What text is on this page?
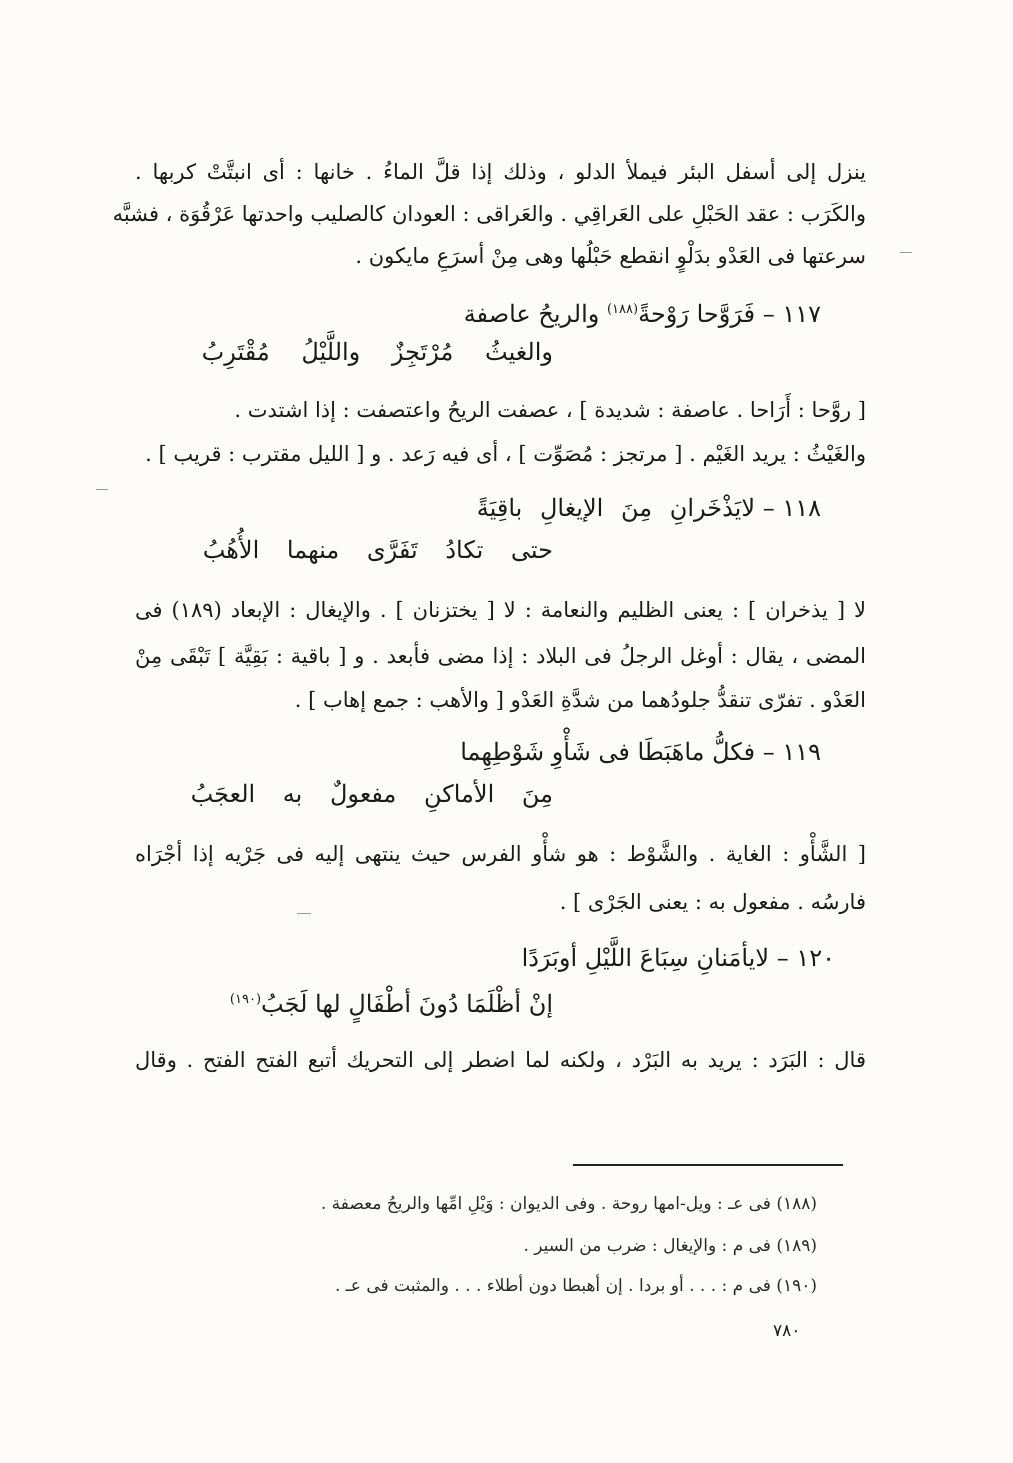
ينزل إلى أسفل البئر فيملأ الدلو ، وذلك إذا قلَّ الماءُ . خانها : أى انبتَّتْ كربها .
والكَرَب : عقد الحَبْلِ على العَراقِي . والعَراقى : العودان كالصليب واحدتها عَرْقُوَة ، فشبَّه
سرعتها فى العَدْو بدَلْوٍ انقطع حَبْلُها وهى مِنْ أسرَعِ مايكون .
١١٧ – فَرَوَّحا رَوْحةً$^{(١٨٨)}$ والريحُ عاصفة
والغيثُ مُرْتَجِزٌ واللَّيْلُ مُقْتَرِبُ
[ روَّحا : أَرَاحا . عاصفة : شديدة ] ، عصفت الريحُ واعتصفت : إذا اشتدت .
والغَيْثُ : يريد الغَيْم . [ مرتجز : مُصَوِّت ] ، أى فيه رَعد . و [ الليل مقترب : قريب ] .
١١٨ – لايَذْخَرانِ مِنَ الإيغالِ باقِيَةً
حتى تكادُ تَفَرَّى منهما الأُهُبُ
لا [ يذخران ] : يعنى الظليم والنعامة : لا [ يختزنان ] . والإيغال : الإبعاد (١٨٩) فى
المضى ، يقال : أوغل الرجلُ فى البلاد : إذا مضى فأبعد . و [ باقية : بَقِيَّة ] تَبْقَى مِنْ
العَدْو . تفرّى تنقدُّ جلودُهما من شدَّةِ العَدْو [ والأهب : جمع إهاب ] .
١١٩ – فكلُّ ماهَبَطَا فى شَأْوِ شَوْطِهِما
مِنَ الأماكنِ مفعولٌ به العجَبُ
[ الشَّأْو : الغاية . والشَّوْط : هو شأْو الفرس حيث ينتهى إليه فى جَرْيه إذا أجْرَاه
فارسُه . مفعول به : يعنى الجَرْى ] .
١٢٠ – لايأمَنانِ سِبَاعَ اللَّيْلِ أوبَرَدًا
إنْ أظْلَمَا دُونَ أطْفَالٍ لها لَجَبُ$^{(١٩٠)}$
قال : البَرَد : يريد به البَرْد ، ولكنه لما اضطر إلى التحريك أتبع الفتح الفتح . وقال
(١٨٨) فى عـ : ويل-امها روحة . وفى الديوان : وَيْلِ امِّها والريحُ معصفة .
(١٨٩) فى م : والإيغال : ضرب من السير .
(١٩٠) فى م : . . . أو بردا . إن أهبطا دون أطلاء . . . والمثبت فى عـ .
٧٨٠
